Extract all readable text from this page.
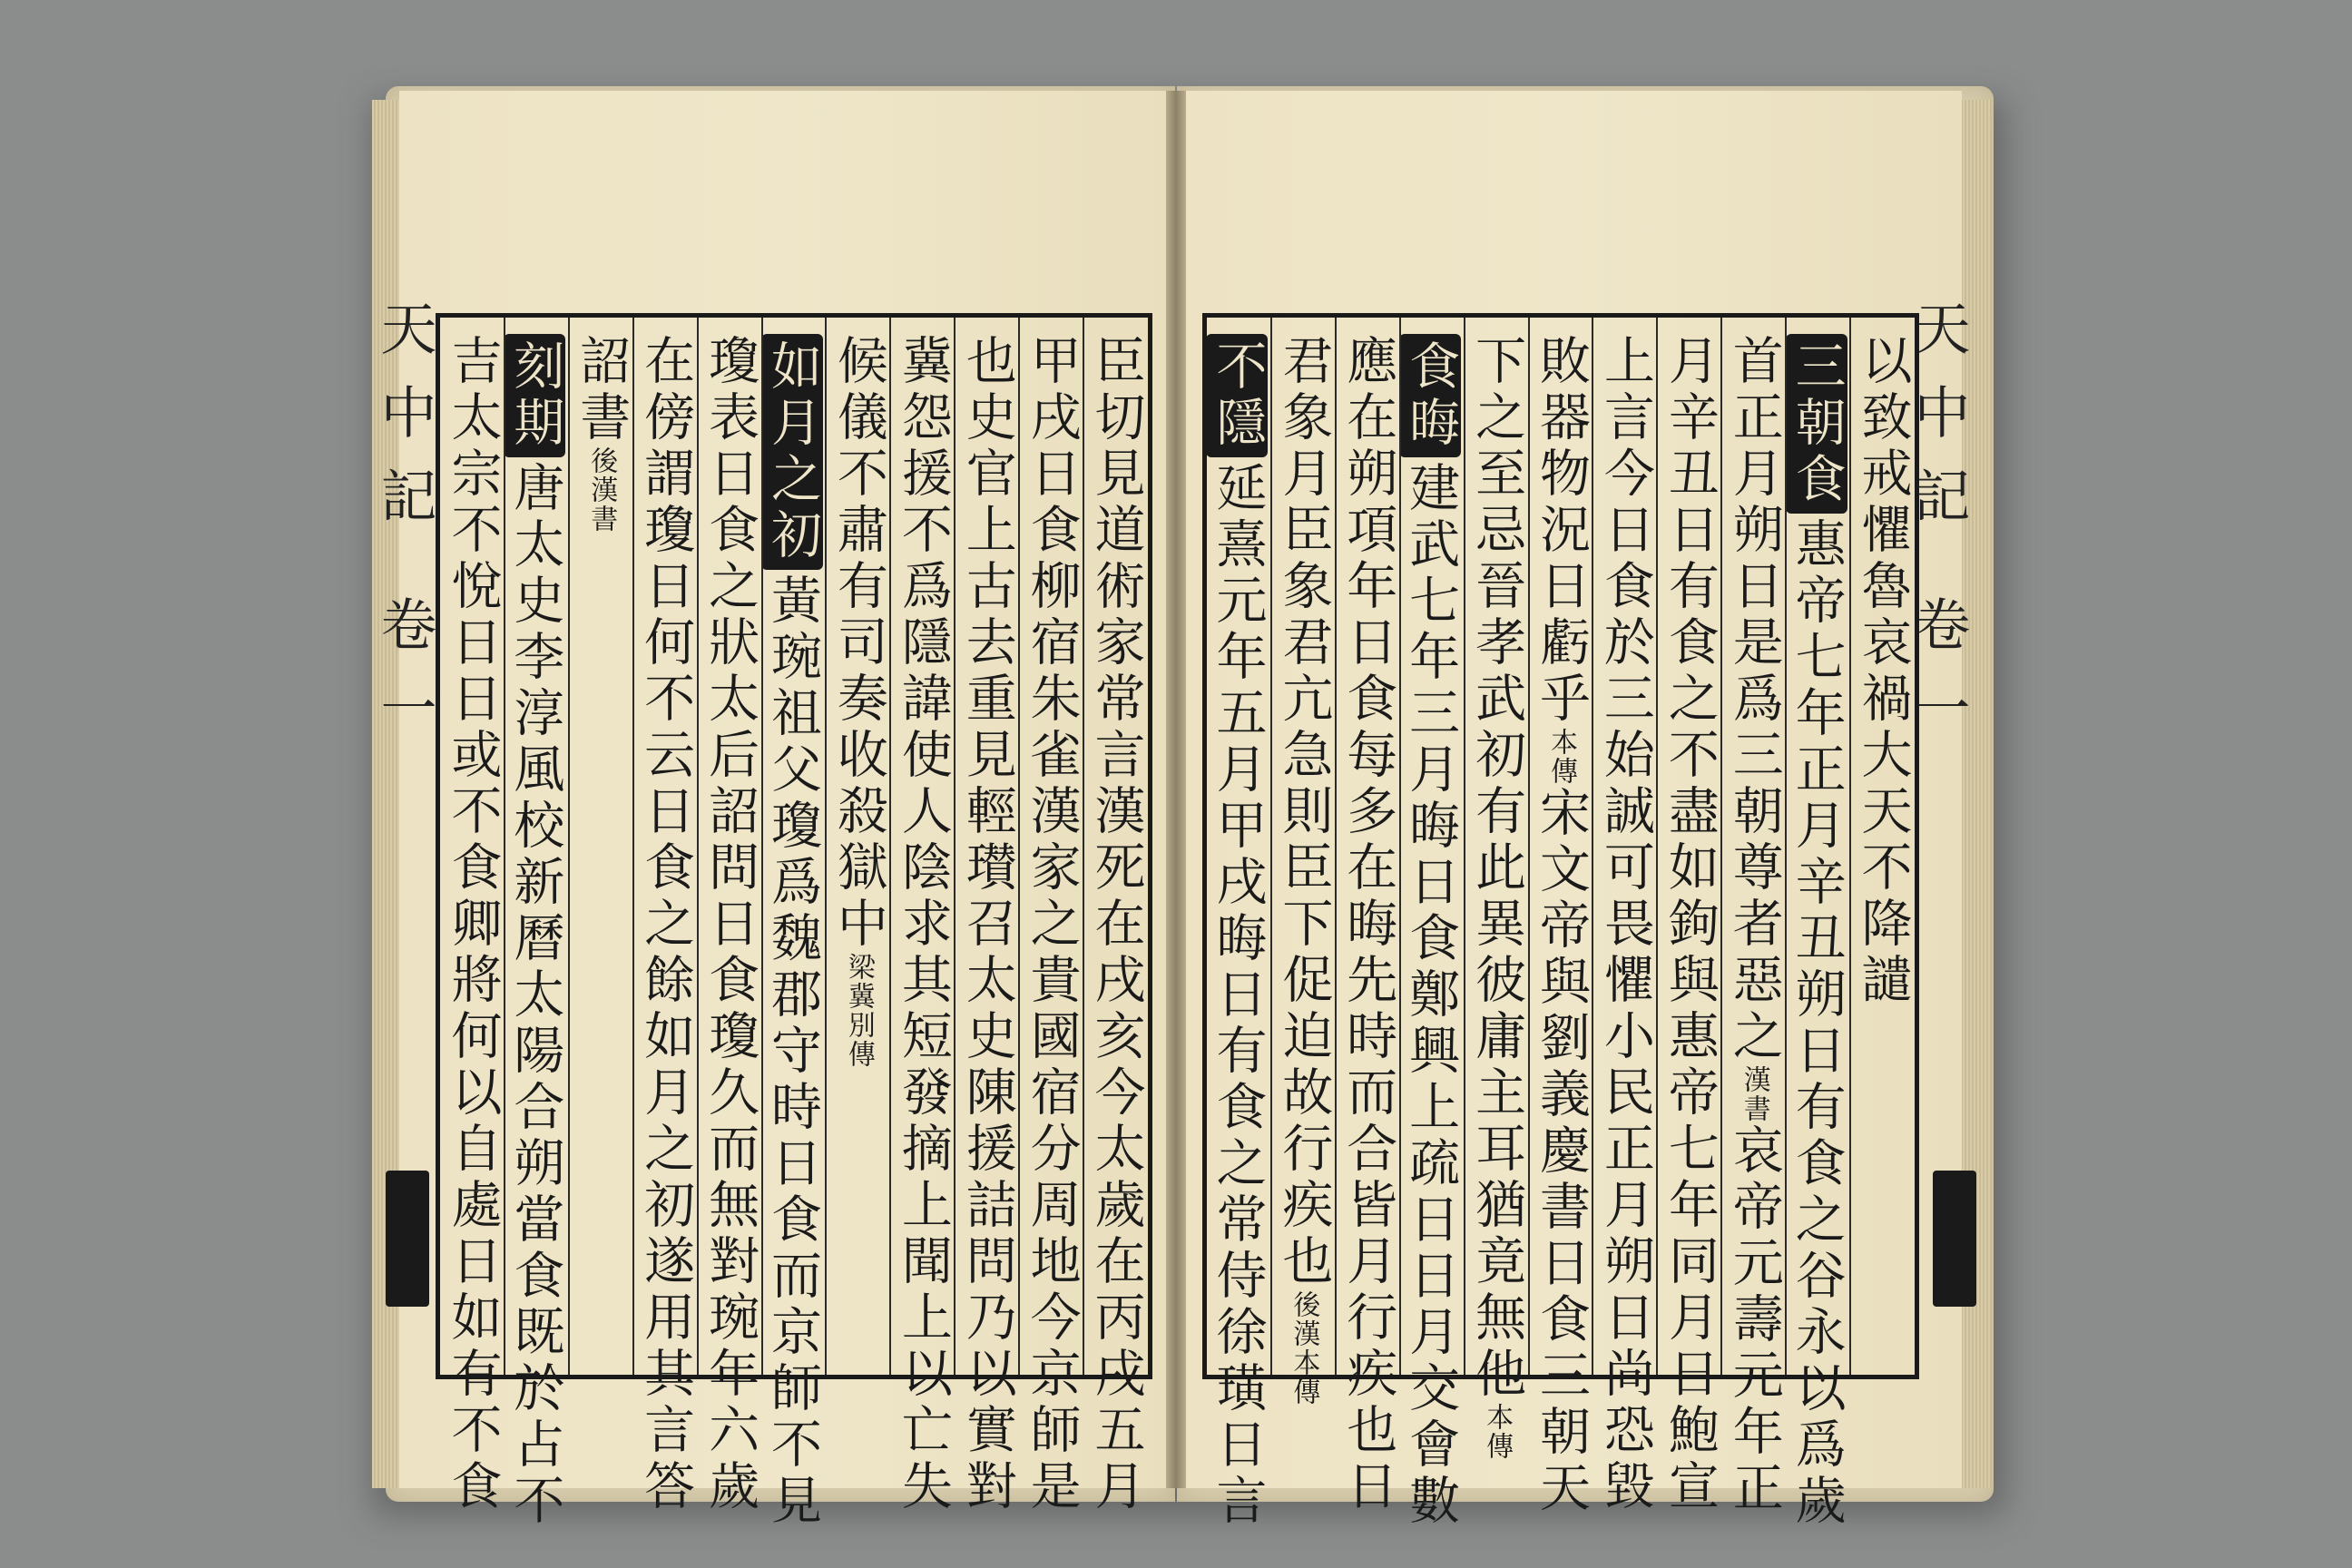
天中記 卷一
天中記 卷一
臣切見道術家常言漢死在戌亥今太歲在丙戌五月
甲戌日食柳宿朱雀漢家之貴國宿分周地今京師是
也史官上古去重見輕瓉召太史陳援詰問乃以實對
冀怨援不爲隱諱使人陰求其短發摘上聞上以亡失
候儀不肅有司奏收殺獄中梁冀別傳
如月之初黃琬祖父瓊爲魏郡守時日食而京師不見
瓊表日食之狀太后詔問日食瓊久而無對琬年六歲
在傍謂瓊日何不云日食之餘如月之初遂用其言答
詔書後漢書
刻期唐太史李淳風校新曆太陽合朔當食既於占不
吉太宗不悅日日或不食卿將何以自處日如有不食	以致戒懼魯哀禍大天不降譴
三朝食惠帝七年正月辛丑朔日有食之谷永以爲歲
首正月朔日是爲三朝尊者惡之漢書哀帝元壽元年正
月辛丑日有食之不盡如鉤與惠帝七年同月日鮑宣
上言今日食於三始誠可畏懼小民正月朔日尚恐毀
敗器物況日虧乎本傳宋文帝與劉義慶書日食三朝天
下之至忌晉孝武初有此異彼庸主耳猶竟無他本傳
食晦建武七年三月晦日食鄭興上疏日日月交會數
應在朔項年日食每多在晦先時而合皆月行疾也日
君象月臣象君亢急則臣下促迫故行疾也後漢本傳
不隱延熹元年五月甲戌晦日有食之常侍徐璜日言
